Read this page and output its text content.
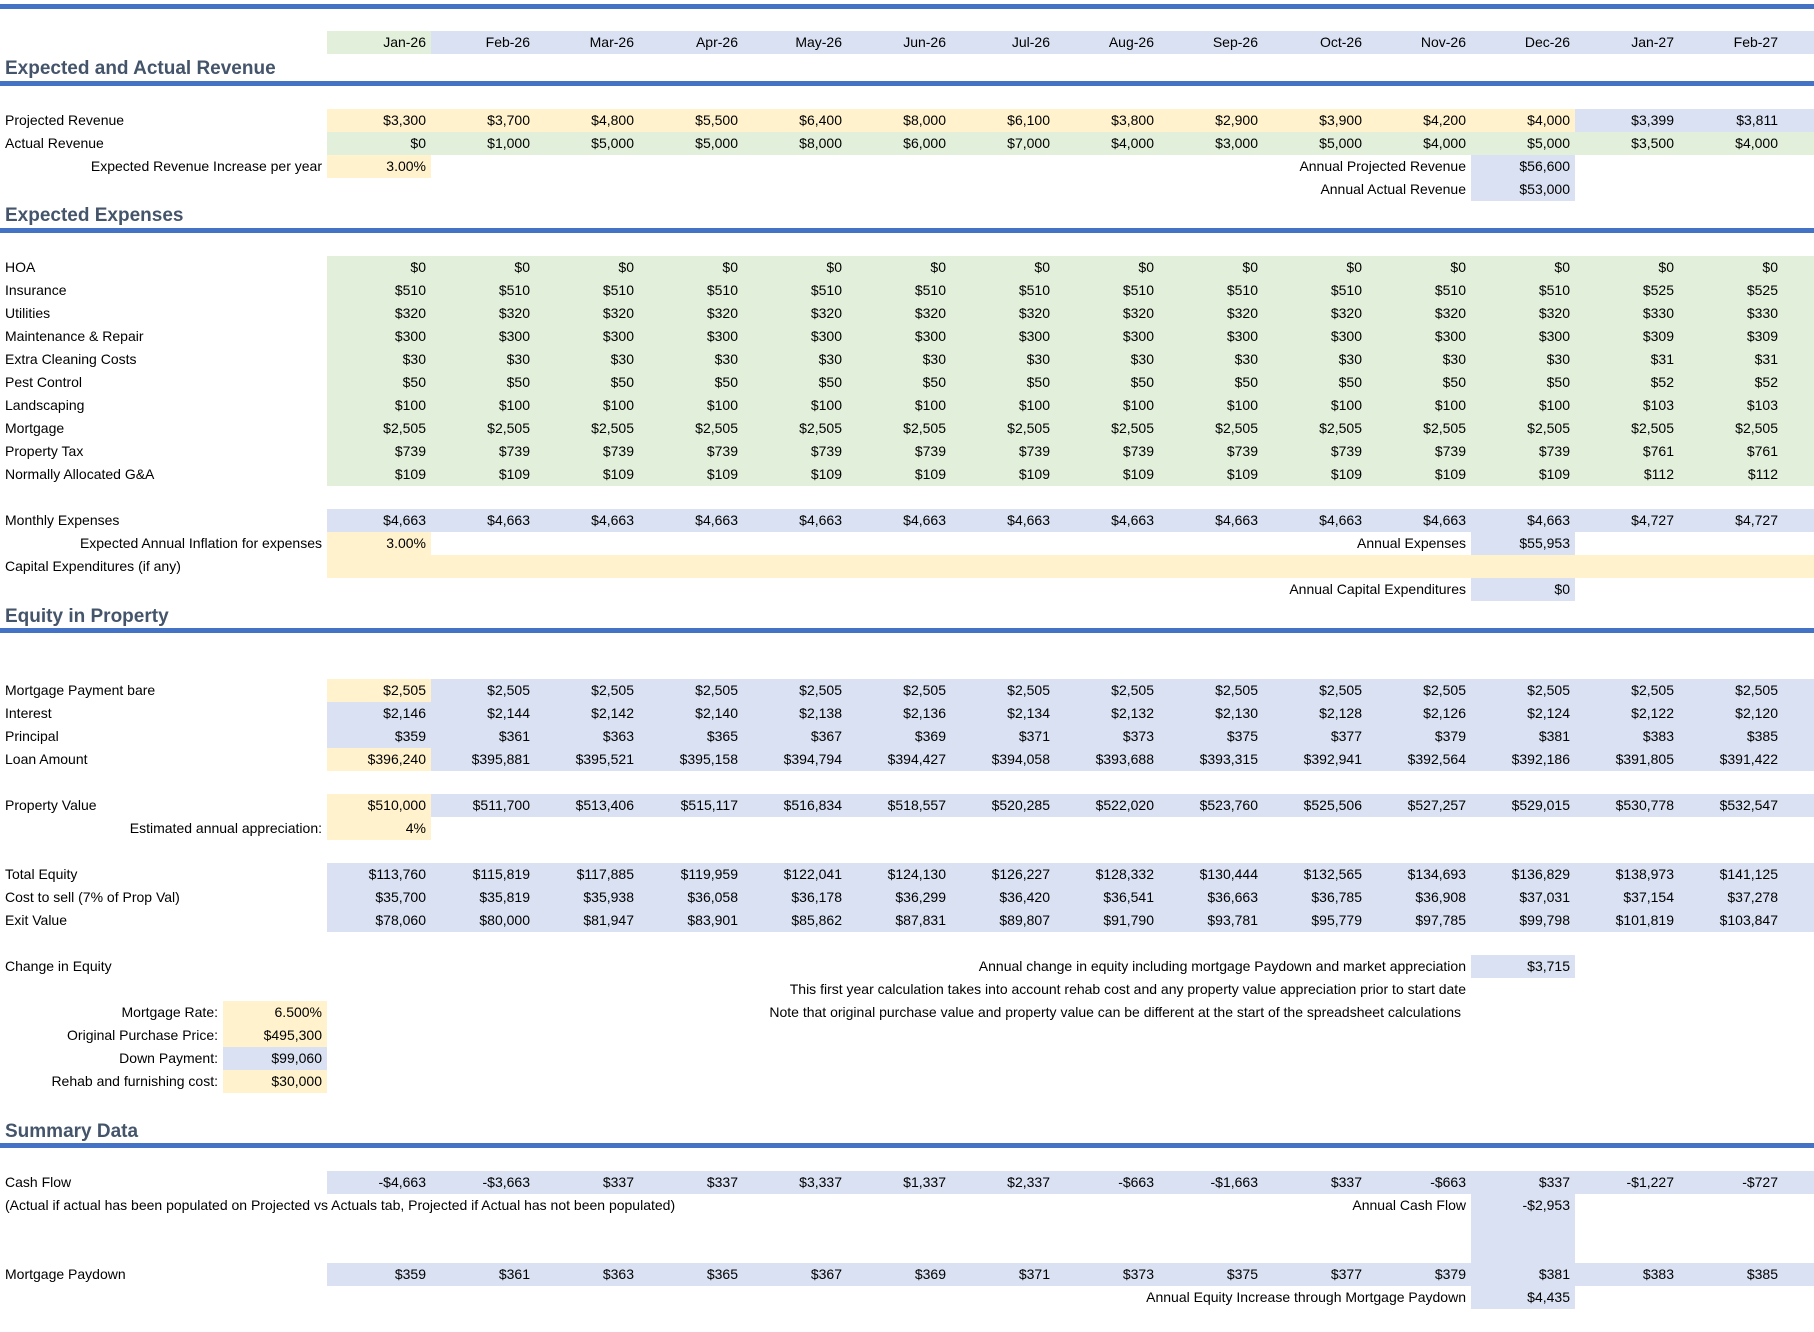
Jan-26	Feb-26	Mar-26	Apr-26	May-26	Jun-26	Jul-26	Aug-26	Sep-26	Oct-26	Nov-26	Dec-26	Jan-27	Feb-27
Expected and Actual Revenue
Projected Revenue	$3,300	$3,700	$4,800	$5,500	$6,400	$8,000	$6,100	$3,800	$2,900	$3,900	$4,200	$4,000	$3,399	$3,811
Actual Revenue	$0	$1,000	$5,000	$5,000	$8,000	$6,000	$7,000	$4,000	$3,000	$5,000	$4,000	$5,000	$3,500	$4,000
Expected Revenue Increase per year	3.00%	Annual Projected Revenue	$56,600
Annual Actual Revenue	$53,000
Expected Expenses
HOA	$0	$0	$0	$0	$0	$0	$0	$0	$0	$0	$0	$0	$0	$0
Insurance	$510	$510	$510	$510	$510	$510	$510	$510	$510	$510	$510	$510	$525	$525
Utilities	$320	$320	$320	$320	$320	$320	$320	$320	$320	$320	$320	$320	$330	$330
Maintenance & Repair	$300	$300	$300	$300	$300	$300	$300	$300	$300	$300	$300	$300	$309	$309
Extra Cleaning Costs	$30	$30	$30	$30	$30	$30	$30	$30	$30	$30	$30	$30	$31	$31
Pest Control	$50	$50	$50	$50	$50	$50	$50	$50	$50	$50	$50	$50	$52	$52
Landscaping	$100	$100	$100	$100	$100	$100	$100	$100	$100	$100	$100	$100	$103	$103
Mortgage	$2,505	$2,505	$2,505	$2,505	$2,505	$2,505	$2,505	$2,505	$2,505	$2,505	$2,505	$2,505	$2,505	$2,505
Property Tax	$739	$739	$739	$739	$739	$739	$739	$739	$739	$739	$739	$739	$761	$761
Normally Allocated G&A	$109	$109	$109	$109	$109	$109	$109	$109	$109	$109	$109	$109	$112	$112
Monthly Expenses	$4,663	$4,663	$4,663	$4,663	$4,663	$4,663	$4,663	$4,663	$4,663	$4,663	$4,663	$4,663	$4,727	$4,727
Expected Annual Inflation for expenses	3.00%	Annual Expenses	$55,953
Capital Expenditures (if any)
Annual Capital Expenditures	$0
Equity in Property
Mortgage Payment bare	$2,505	$2,505	$2,505	$2,505	$2,505	$2,505	$2,505	$2,505	$2,505	$2,505	$2,505	$2,505	$2,505	$2,505
Interest	$2,146	$2,144	$2,142	$2,140	$2,138	$2,136	$2,134	$2,132	$2,130	$2,128	$2,126	$2,124	$2,122	$2,120
Principal	$359	$361	$363	$365	$367	$369	$371	$373	$375	$377	$379	$381	$383	$385
Loan Amount	$396,240	$395,881	$395,521	$395,158	$394,794	$394,427	$394,058	$393,688	$393,315	$392,941	$392,564	$392,186	$391,805	$391,422
Property Value	$510,000	$511,700	$513,406	$515,117	$516,834	$518,557	$520,285	$522,020	$523,760	$525,506	$527,257	$529,015	$530,778	$532,547
Estimated annual appreciation:	4%
Total Equity	$113,760	$115,819	$117,885	$119,959	$122,041	$124,130	$126,227	$128,332	$130,444	$132,565	$134,693	$136,829	$138,973	$141,125
Cost to sell (7% of Prop Val)	$35,700	$35,819	$35,938	$36,058	$36,178	$36,299	$36,420	$36,541	$36,663	$36,785	$36,908	$37,031	$37,154	$37,278
Exit Value	$78,060	$80,000	$81,947	$83,901	$85,862	$87,831	$89,807	$91,790	$93,781	$95,779	$97,785	$99,798	$101,819	$103,847
Change in Equity	Annual change in equity including mortgage Paydown and market appreciation	$3,715
This first year calculation takes into account rehab cost and any property value appreciation prior to start date
Mortgage Rate:	6.500%	Note that original purchase value and property value can be different at the start of the spreadsheet calculations
Original Purchase Price:	$495,300
Down Payment:	$99,060
Rehab and furnishing cost:	$30,000
Summary Data
Cash Flow	-$4,663	-$3,663	$337	$337	$3,337	$1,337	$2,337	-$663	-$1,663	$337	-$663	$337	-$1,227	-$727
(Actual if actual has been populated on Projected vs Actuals tab, Projected if Actual has not been populated)	Annual Cash Flow	-$2,953
Mortgage Paydown	$359	$361	$363	$365	$367	$369	$371	$373	$375	$377	$379	$381	$383	$385
Annual Equity Increase through Mortgage Paydown	$4,435
